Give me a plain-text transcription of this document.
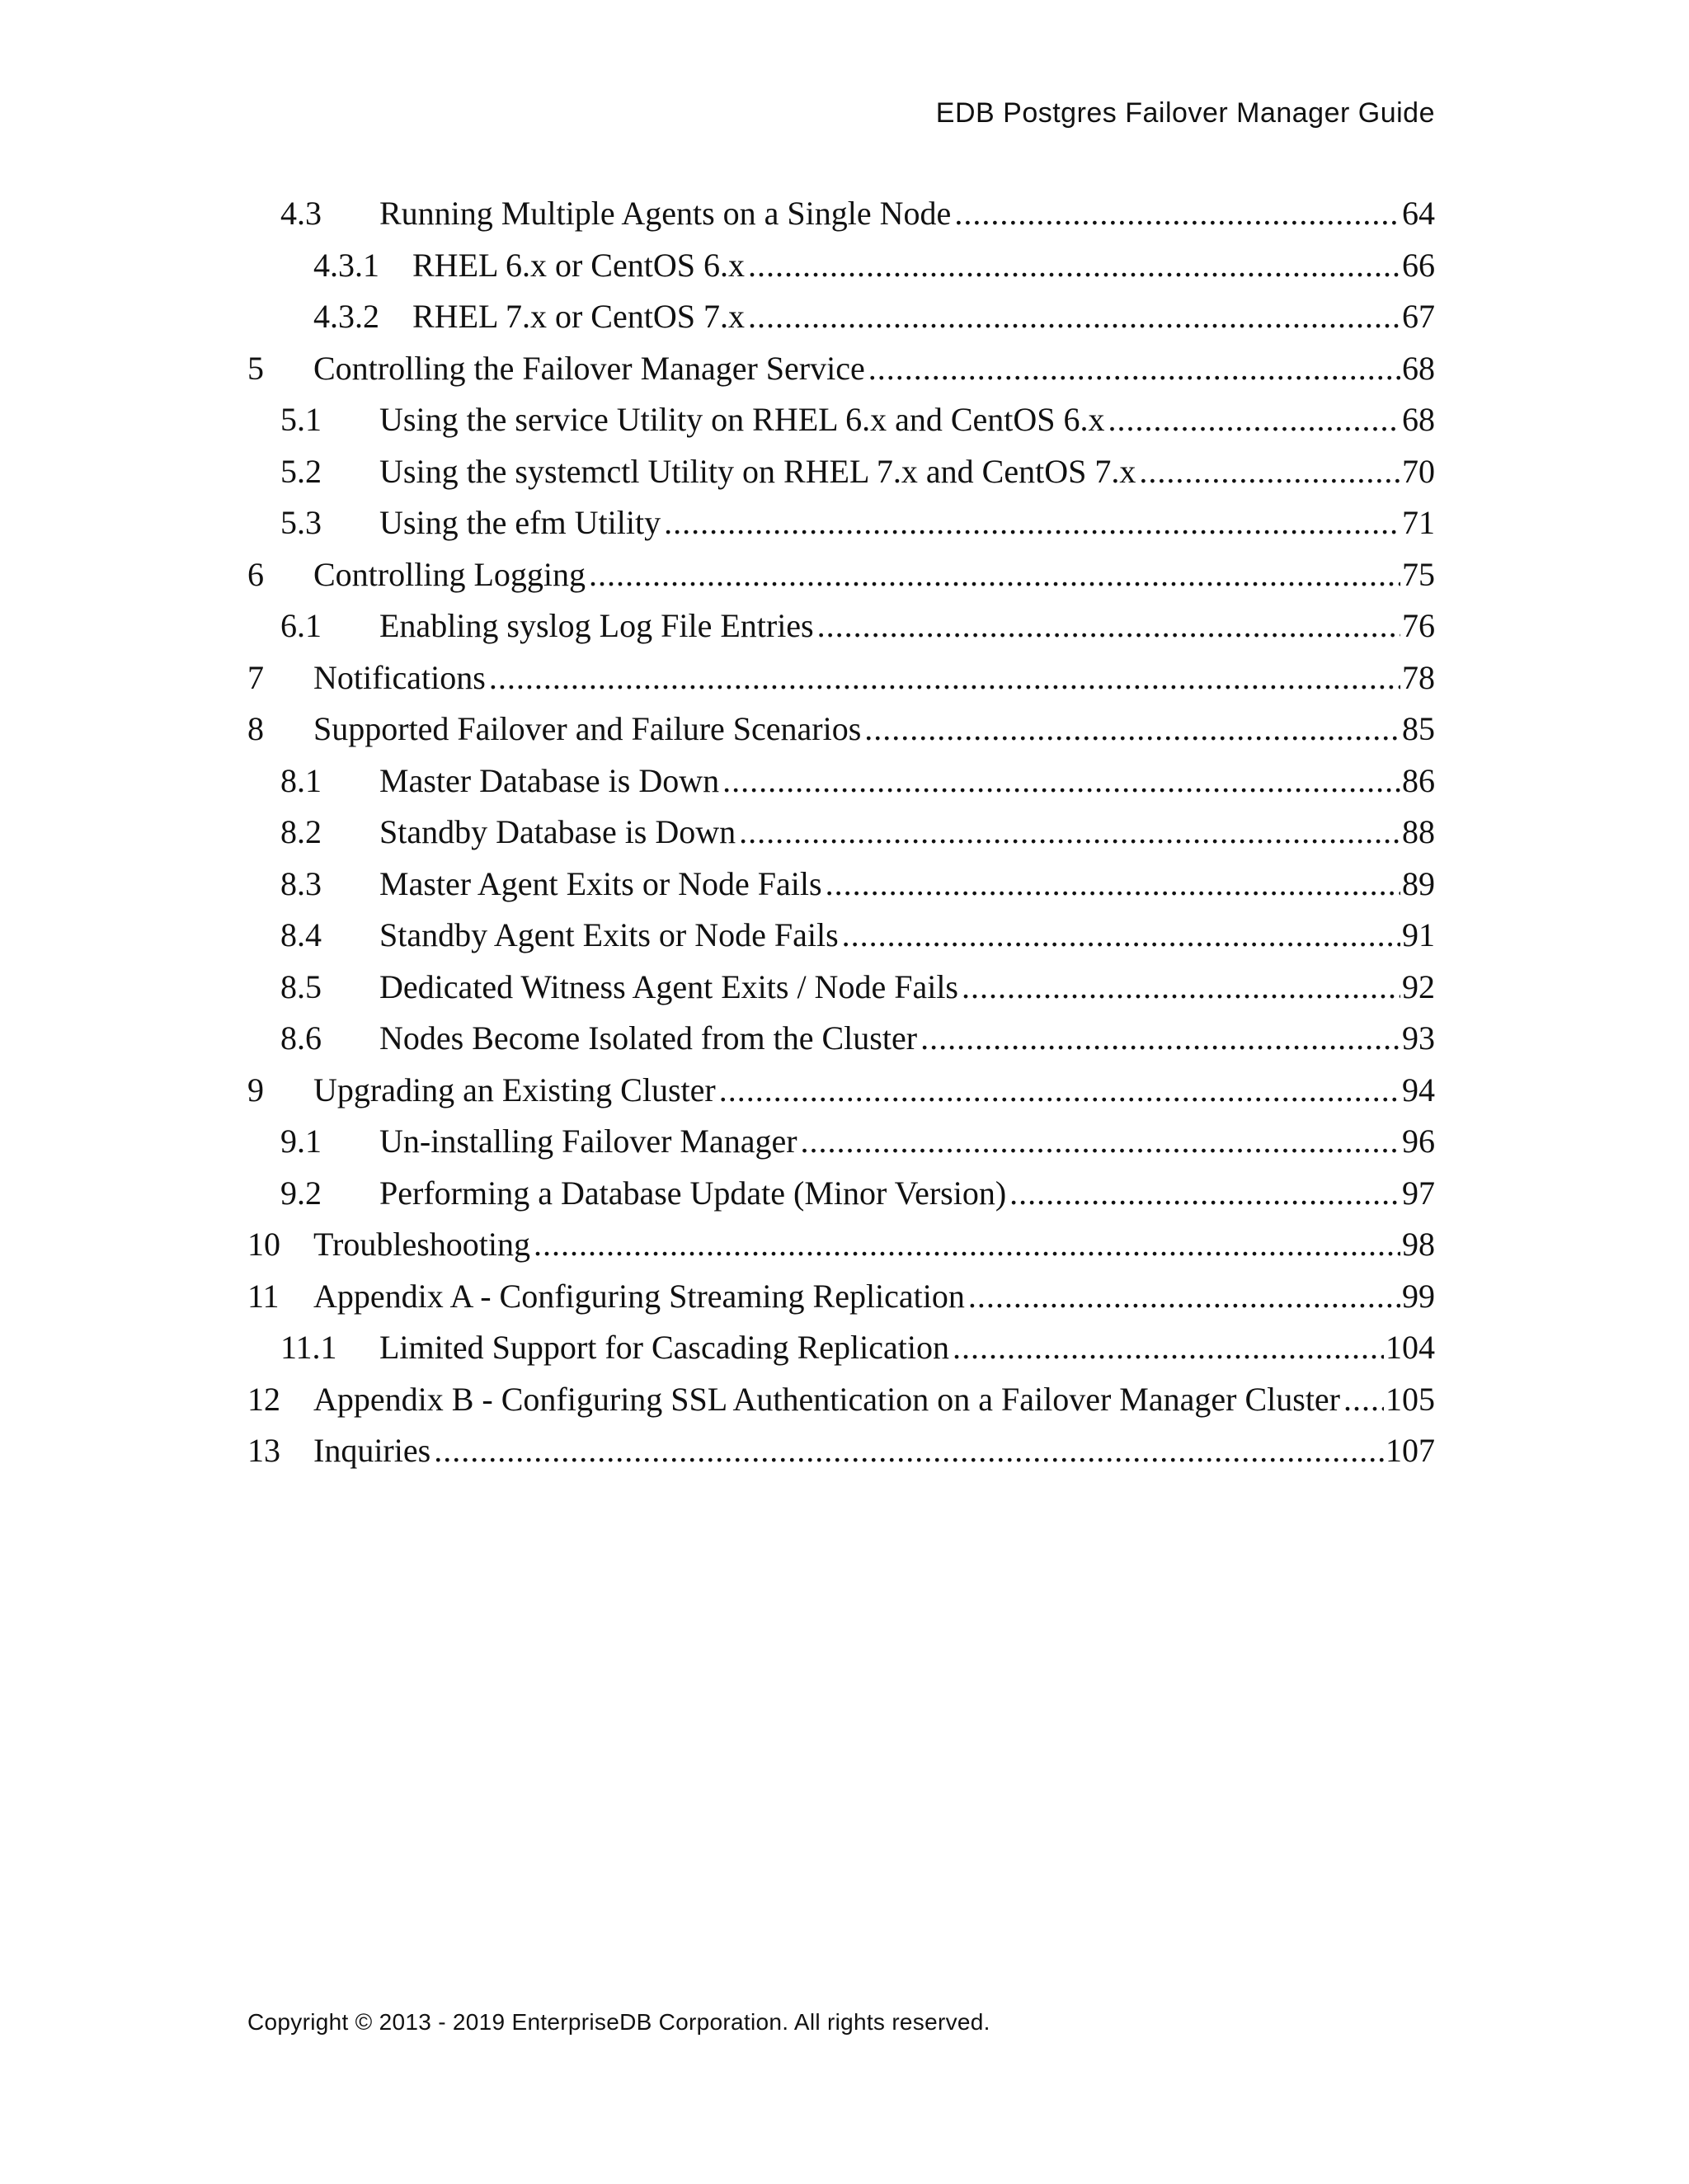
EDB Postgres Failover Manager Guide
4.3	Running Multiple Agents on a Single Node .....	64
4.3.1	RHEL 6.x or CentOS 6.x .....	66
4.3.2	RHEL 7.x or CentOS 7.x .....	67
5	Controlling the Failover Manager Service .....	68
5.1	Using the service Utility on RHEL 6.x and CentOS 6.x .....	68
5.2	Using the systemctl Utility on RHEL 7.x and CentOS 7.x .....	70
5.3	Using the efm Utility .....	71
6	Controlling Logging .....	75
6.1	Enabling syslog Log File Entries .....	76
7	Notifications .....	78
8	Supported Failover and Failure Scenarios .....	85
8.1	Master Database is Down .....	86
8.2	Standby Database is Down .....	88
8.3	Master Agent Exits or Node Fails .....	89
8.4	Standby Agent Exits or Node Fails .....	91
8.5	Dedicated Witness Agent Exits / Node Fails .....	92
8.6	Nodes Become Isolated from the Cluster .....	93
9	Upgrading an Existing Cluster .....	94
9.1	Un-installing Failover Manager .....	96
9.2	Performing a Database Update (Minor Version) .....	97
10	Troubleshooting .....	98
11	Appendix A - Configuring Streaming Replication .....	99
11.1	Limited Support for Cascading Replication .....	104
12	Appendix B - Configuring SSL Authentication on a Failover Manager Cluster ..... 105
13	Inquiries .....	107
Copyright © 2013 - 2019 EnterpriseDB Corporation. All rights reserved.
